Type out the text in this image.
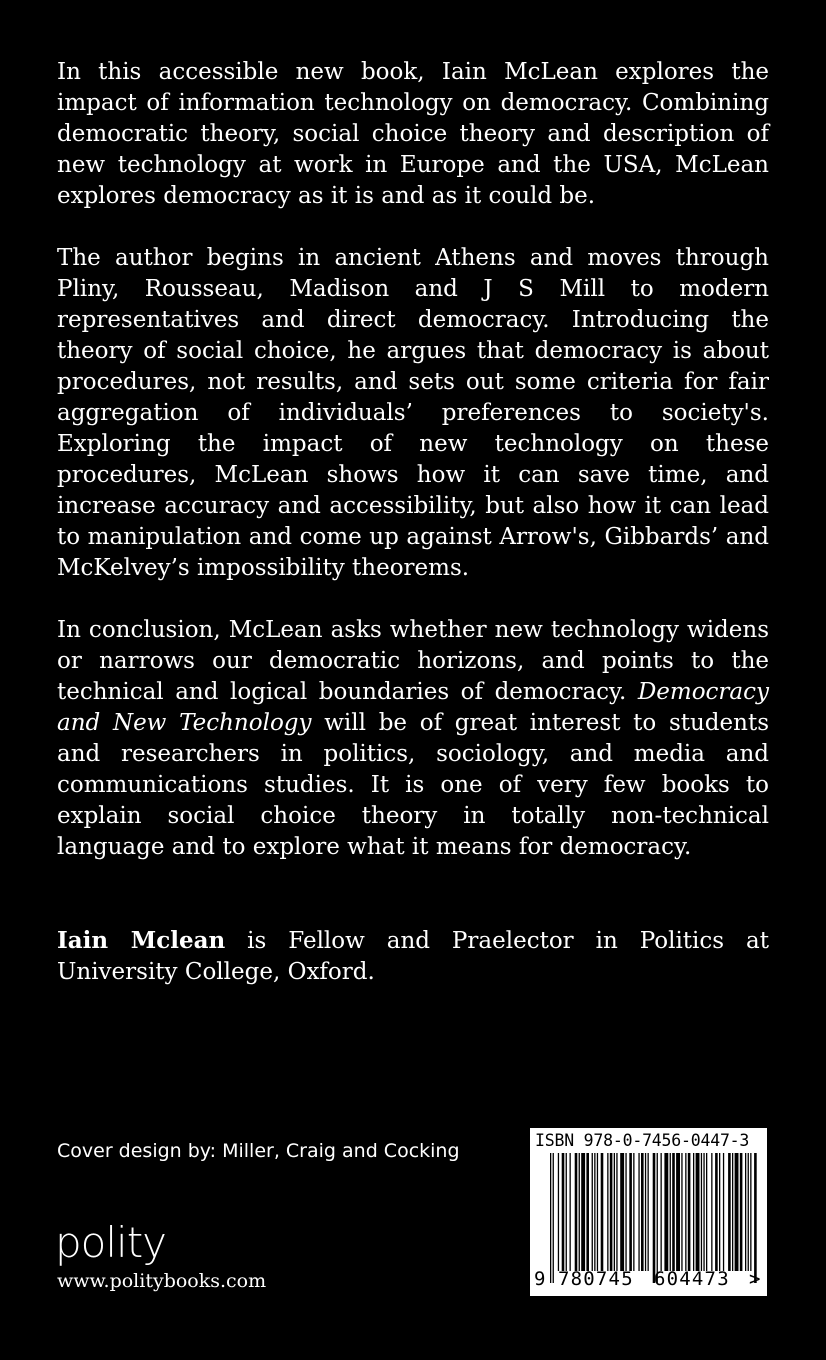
In this accessible new book, Iain McLean explores the impact of information technology on democracy. Combining democratic theory, social choice theory and description of new technology at work in Europe and the USA, McLean explores democracy as it is and as it could be.

The author begins in ancient Athens and moves through Pliny, Rousseau, Madison and J S Mill to modern representatives and direct democracy. Introducing the theory of social choice, he argues that democracy is about procedures, not results, and sets out some criteria for fair aggregation of individuals’ preferences to society's. Exploring the impact of new technology on these procedures, McLean shows how it can save time, and increase accuracy and accessibility, but also how it can lead to manipulation and come up against Arrow's, Gibbards’ and McKelvey’s impossibility theorems.

In conclusion, McLean asks whether new technology widens or narrows our democratic horizons, and points to the technical and logical boundaries of democracy. Democracy and New Technology will be of great interest to students and researchers in politics, sociology, and media and communications studies. It is one of very few books to explain social choice theory in totally non-technical language and to explore what it means for democracy.

Iain Mclean is Fellow and Praelector in Politics at University College, Oxford.

Cover design by: Miller, Craig and Cocking
polity
www.politybooks.com
ISBN 978-0-7456-0447-3
9 780745 604473 >
